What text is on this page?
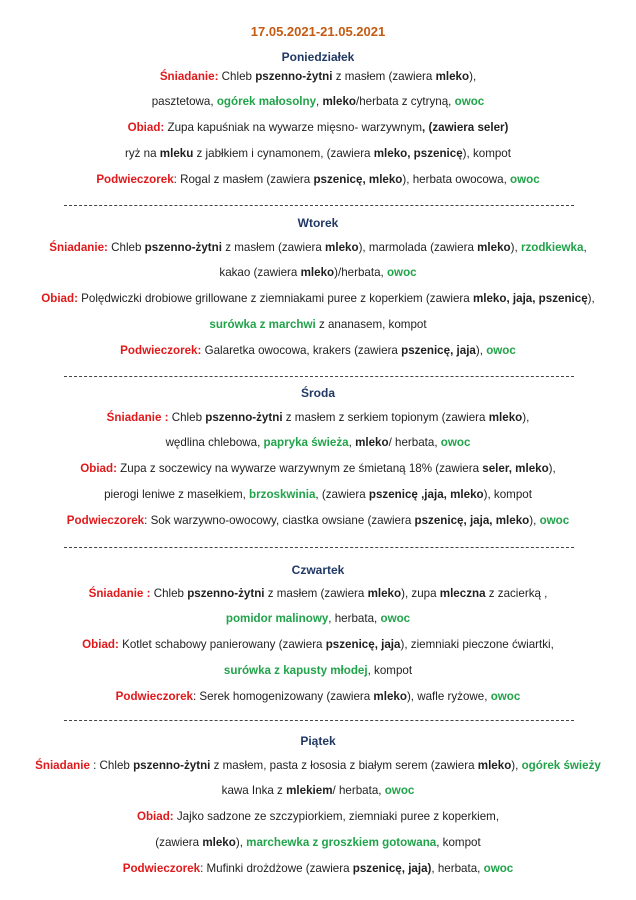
17.05.2021-21.05.2021
Poniedziałek
Śniadanie: Chleb pszenno-żytni z masłem (zawiera mleko),
pasztetowa, ogórek małosolny, mleko/herbata z cytryną, owoc
Obiad: Zupa kapuśniak na wywarze mięsno- warzywnym, (zawiera seler)
ryż na mleku z jabłkiem i cynamonem, (zawiera mleko, pszenicę), kompot
Podwieczorek: Rogal z masłem (zawiera pszenicę, mleko), herbata owocowa, owoc
Wtorek
Śniadanie: Chleb pszenno-żytni z masłem (zawiera mleko), marmolada (zawiera mleko), rzodkiewka,
kakao (zawiera mleko)/herbata, owoc
Obiad: Polędwiczki drobiowe grillowane z ziemniakami puree z koperkiem (zawiera mleko, jaja, pszenicę),
surówka z marchwi z ananasem, kompot
Podwieczorek: Galaretka owocowa, krakers (zawiera pszenicę, jaja), owoc
Środa
Śniadanie : Chleb pszenno-żytni z masłem z serkiem topionym (zawiera mleko),
wędlina chlebowa, papryka świeża, mleko/ herbata, owoc
Obiad: Zupa z soczewicy na wywarze warzywnym ze śmietaną 18% (zawiera seler, mleko),
pierogi leniwe z masełkiem, brzoskwinia, (zawiera pszenicę ,jaja, mleko), kompot
Podwieczorek: Sok warzywno-owocowy, ciastka owsiane (zawiera pszenicę, jaja, mleko), owoc
Czwartek
Śniadanie : Chleb pszenno-żytni z masłem (zawiera mleko), zupa mleczna z zacierką ,
pomidor malinowy, herbata, owoc
Obiad: Kotlet schabowy panierowany (zawiera pszenicę, jaja), ziemniaki pieczone ćwiartki,
surówka z kapusty młodej, kompot
Podwieczorek: Serek homogenizowany (zawiera mleko), wafle ryżowe, owoc
Piątek
Śniadanie : Chleb pszenno-żytni z masłem, pasta z łososia z białym serem (zawiera mleko), ogórek świeży
kawa Inka z mlekiem/ herbata, owoc
Obiad: Jajko sadzone ze szczypiorkiem, ziemniaki puree z koperkiem,
(zawiera mleko), marchewka z groszkiem gotowana, kompot
Podwieczorek: Mufinki drożdżowe (zawiera pszenicę, jaja), herbata, owoc
